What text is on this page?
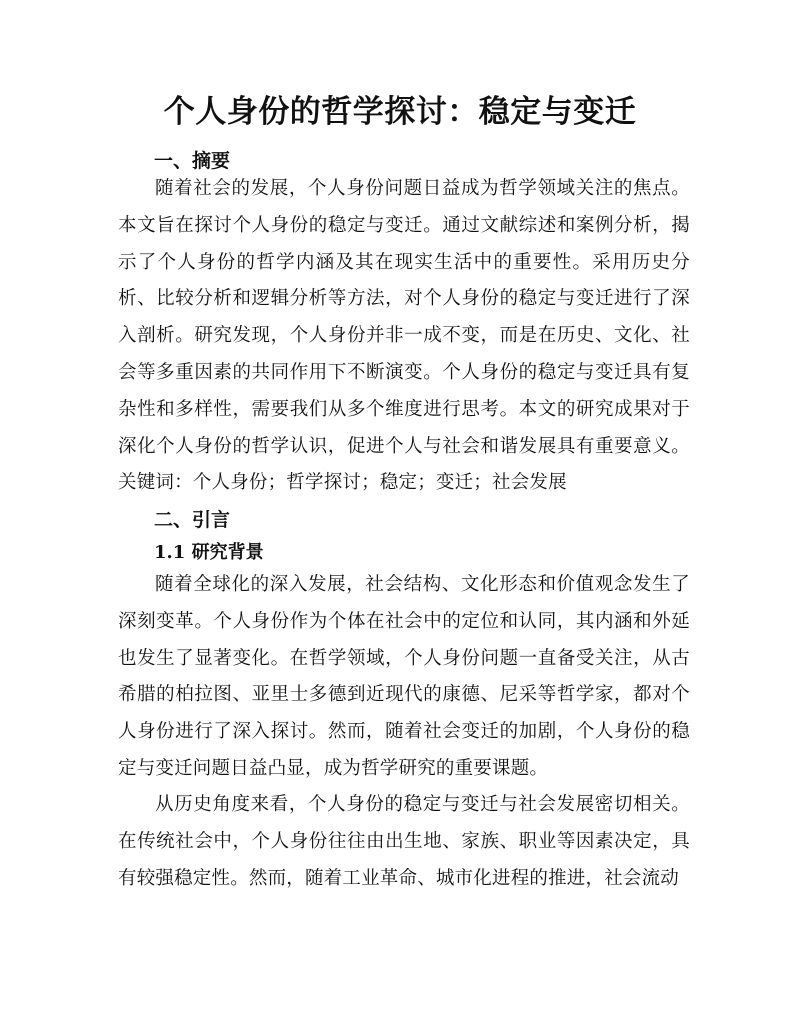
个人身份的哲学探讨：稳定与变迁
一、摘要

随着社会的发展，个人身份问题日益成为哲学领域关注的焦点。本文旨在探讨个人身份的稳定与变迁。通过文献综述和案例分析，揭示了个人身份的哲学内涵及其在现实生活中的重要性。采用历史分析、比较分析和逻辑分析等方法，对个人身份的稳定与变迁进行了深入剖析。研究发现，个人身份并非一成不变，而是在历史、文化、社会等多重因素的共同作用下不断演变。个人身份的稳定与变迁具有复杂性和多样性，需要我们从多个维度进行思考。本文的研究成果对于深化个人身份的哲学认识，促进个人与社会和谐发展具有重要意义。关键词：个人身份；哲学探讨；稳定；变迁；社会发展

二、引言
1.1 研究背景

随着全球化的深入发展，社会结构、文化形态和价值观念发生了深刻变革。个人身份作为个体在社会中的定位和认同，其内涵和外延也发生了显著变化。在哲学领域，个人身份问题一直备受关注，从古希腊的柏拉图、亚里士多德到近现代的康德、尼采等哲学家，都对个人身份进行了深入探讨。然而，随着社会变迁的加剧，个人身份的稳定与变迁问题日益凸显，成为哲学研究的重要课题。

从历史角度来看，个人身份的稳定与变迁与社会发展密切相关。在传统社会中，个人身份往往由出生地、家族、职业等因素决定，具有较强稳定性。然而，随着工业革命、城市化进程的推进，社会流动
